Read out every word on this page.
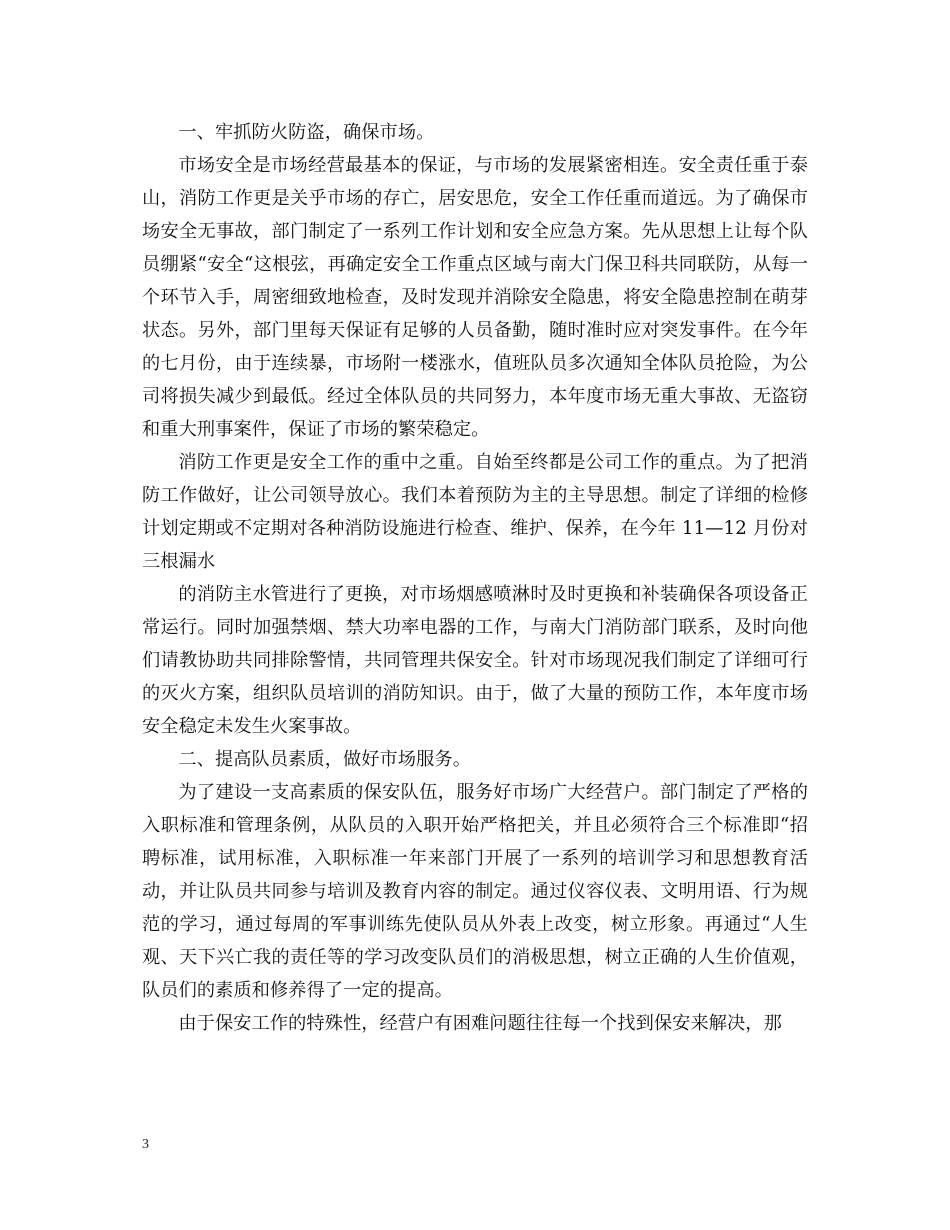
一、牢抓防火防盗，确保市场。

市场安全是市场经营最基本的保证，与市场的发展紧密相连。安全责任重于泰山，消防工作更是关乎市场的存亡，居安思危，安全工作任重而道远。为了确保市场安全无事故，部门制定了一系列工作计划和安全应急方案。先从思想上让每个队员绷紧“安全“这根弦，再确定安全工作重点区域与南大门保卫科共同联防，从每一个环节入手，周密细致地检查，及时发现并消除安全隐患，将安全隐患控制在萌芽状态。另外，部门里每天保证有足够的人员备勤，随时准时应对突发事件。在今年的七月份，由于连续暴，市场附一楼涨水，值班队员多次通知全体队员抢险，为公司将损失减少到最低。经过全体队员的共同努力，本年度市场无重大事故、无盗窃和重大刑事案件，保证了市场的繁荣稳定。

消防工作更是安全工作的重中之重。自始至终都是公司工作的重点。为了把消防工作做好，让公司领导放心。我们本着预防为主的主导思想。制定了详细的检修计划定期或不定期对各种消防设施进行检查、维护、保养，在今年 11—12 月份对三根漏水

的消防主水管进行了更换，对市场烟感喷淋时及时更换和补装确保各项设备正常运行。同时加强禁烟、禁大功率电器的工作，与南大门消防部门联系，及时向他们请教协助共同排除警情，共同管理共保安全。针对市场现况我们制定了详细可行的灭火方案，组织队员培训的消防知识。由于，做了大量的预防工作，本年度市场安全稳定未发生火案事故。

二、提高队员素质，做好市场服务。

为了建设一支高素质的保安队伍，服务好市场广大经营户。部门制定了严格的入职标准和管理条例，从队员的入职开始严格把关，并且必须符合三个标准即“招聘标准，试用标准，入职标准一年来部门开展了一系列的培训学习和思想教育活动，并让队员共同参与培训及教育内容的制定。通过仪容仪表、文明用语、行为规范的学习，通过每周的军事训练先使队员从外表上改变，树立形象。再通过“人生观、天下兴亡我的责任等的学习改变队员们的消极思想，树立正确的人生价值观，队员们的素质和修养得了一定的提高。

由于保安工作的特殊性，经营户有困难问题往往每一个找到保安来解决，那

3
